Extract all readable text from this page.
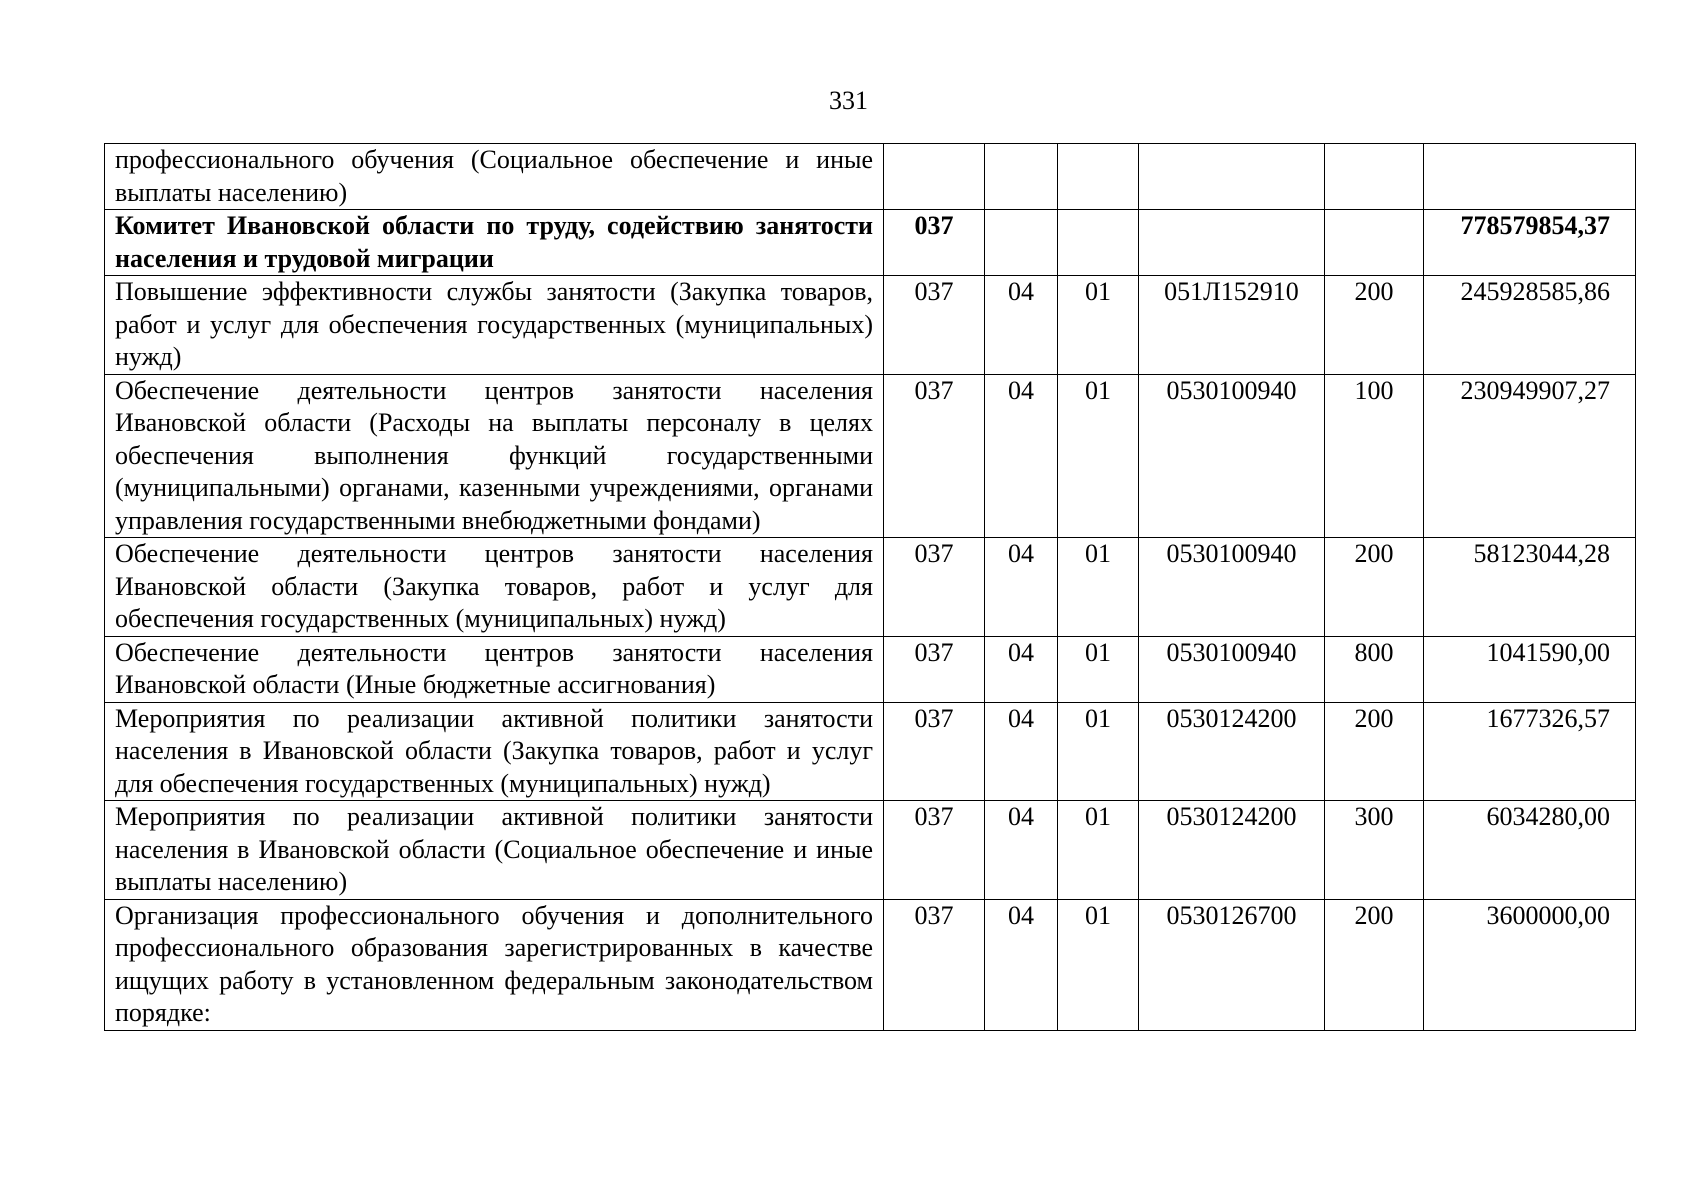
331
профессионального обучения (Социальное обеспечение и иные выплаты населению)						
Комитет Ивановской области по труду, содействию занятости населения и трудовой миграции	037					778579854,37
Повышение эффективности службы занятости (Закупка товаров, работ и услуг для обеспечения государственных (муниципальных) нужд)	037	04	01	051Л152910	200	245928585,86
Обеспечение деятельности центров занятости населения Ивановской области (Расходы на выплаты персоналу в целях обеспечения выполнения функций государственными (муниципальными) органами, казенными учреждениями, органами управления государственными внебюджетными фондами)	037	04	01	0530100940	100	230949907,27
Обеспечение деятельности центров занятости населения Ивановской области (Закупка товаров, работ и услуг для обеспечения государственных (муниципальных) нужд)	037	04	01	0530100940	200	58123044,28
Обеспечение деятельности центров занятости населения Ивановской области (Иные бюджетные ассигнования)	037	04	01	0530100940	800	1041590,00
Мероприятия по реализации активной политики занятости населения в Ивановской области (Закупка товаров, работ и услуг для обеспечения государственных (муниципальных) нужд)	037	04	01	0530124200	200	1677326,57
Мероприятия по реализации активной политики занятости населения в Ивановской области (Социальное обеспечение и иные выплаты населению)	037	04	01	0530124200	300	6034280,00

Организация профессионального обучения и дополнительного профессионального образования зарегистрированных в качестве ищущих работу в установленном федеральным законодательством порядке:	037	04	01	0530126700	200	3600000,00
